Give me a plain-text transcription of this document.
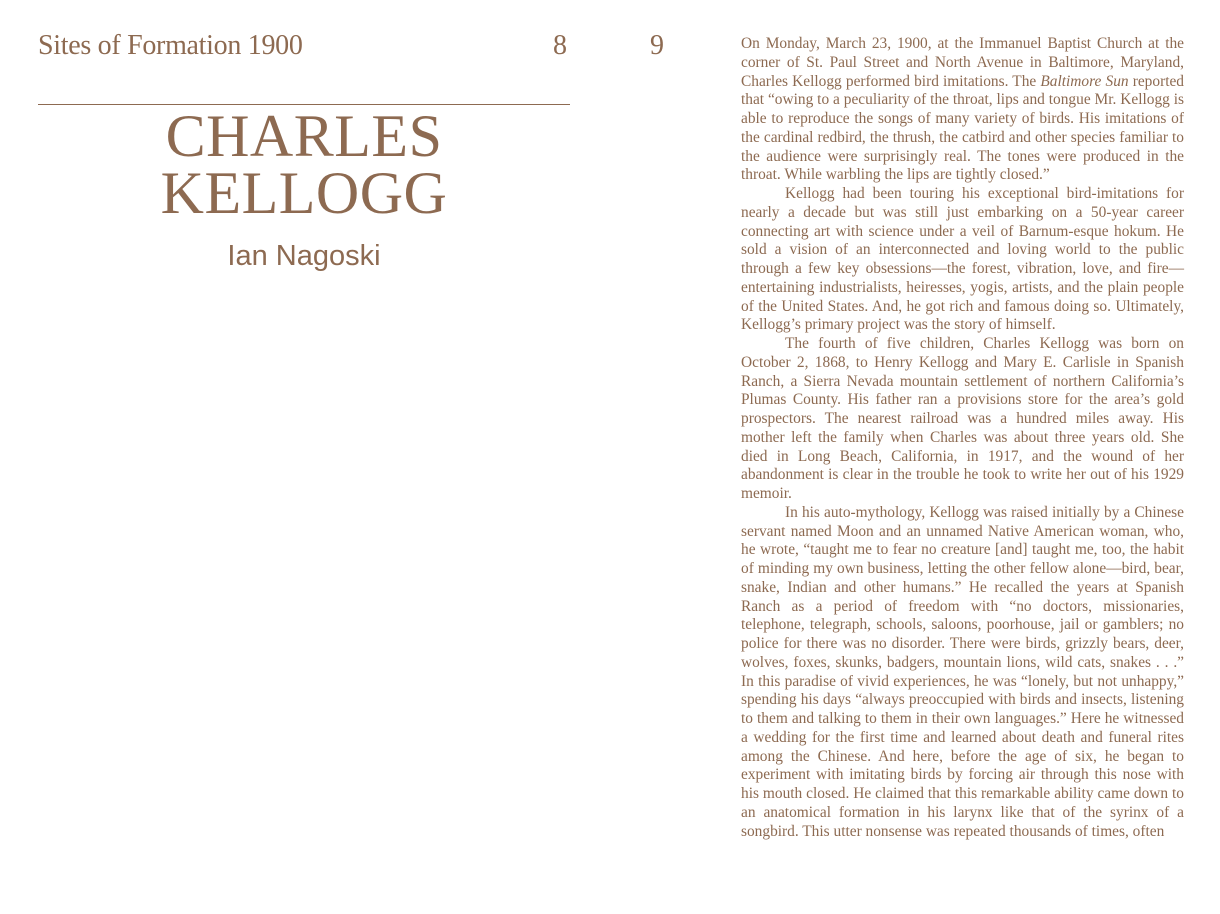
Sites of Formation 1900	8
CHARLES
KELLOGG
Ian Nagoski
9	On Monday, March 23, 1900, at the Immanuel Baptist Church at the corner of St. Paul Street and North Avenue in Baltimore, Maryland, Charles Kellogg performed bird imitations. The Baltimore Sun reported that “owing to a peculiarity of the throat, lips and tongue Mr. Kellogg is able to reproduce the songs of many variety of birds. His imitations of the cardinal redbird, the thrush, the catbird and other species familiar to the audience were surprisingly real. The tones were produced in the throat. While warbling the lips are tightly closed.”

Kellogg had been touring his exceptional bird-imitations for nearly a decade but was still just embarking on a 50-year career connecting art with science under a veil of Barnum-esque hokum. He sold a vision of an interconnected and loving world to the public through a few key obsessions—the forest, vibration, love, and fire—entertaining industrialists, heiresses, yogis, artists, and the plain people of the United States. And, he got rich and famous doing so. Ultimately, Kellogg’s primary project was the story of himself.

The fourth of five children, Charles Kellogg was born on October 2, 1868, to Henry Kellogg and Mary E. Carlisle in Spanish Ranch, a Sierra Nevada mountain settlement of northern California’s Plumas County. His father ran a provisions store for the area’s gold prospectors. The nearest railroad was a hundred miles away. His mother left the family when Charles was about three years old. She died in Long Beach, California, in 1917, and the wound of her abandonment is clear in the trouble he took to write her out of his 1929 memoir.

In his auto-mythology, Kellogg was raised initially by a Chinese servant named Moon and an unnamed Native American woman, who, he wrote, “taught me to fear no creature [and] taught me, too, the habit of minding my own business, letting the other fellow alone—bird, bear, snake, Indian and other humans.” He recalled the years at Spanish Ranch as a period of freedom with “no doctors, missionaries, telephone, telegraph, schools, saloons, poorhouse, jail or gamblers; no police for there was no disorder. There were birds, grizzly bears, deer, wolves, foxes, skunks, badgers, mountain lions, wild cats, snakes . . .” In this paradise of vivid experiences, he was “lonely, but not unhappy,” spending his days “always preoccupied with birds and insects, listening to them and talking to them in their own languages.” Here he witnessed a wedding for the first time and learned about death and funeral rites among the Chinese. And here, before the age of six, he began to experiment with imitating birds by forcing air through this nose with his mouth closed. He claimed that this remarkable ability came down to an anatomical formation in his larynx like that of the syrinx of a songbird. This utter nonsense was repeated thousands of times, often
